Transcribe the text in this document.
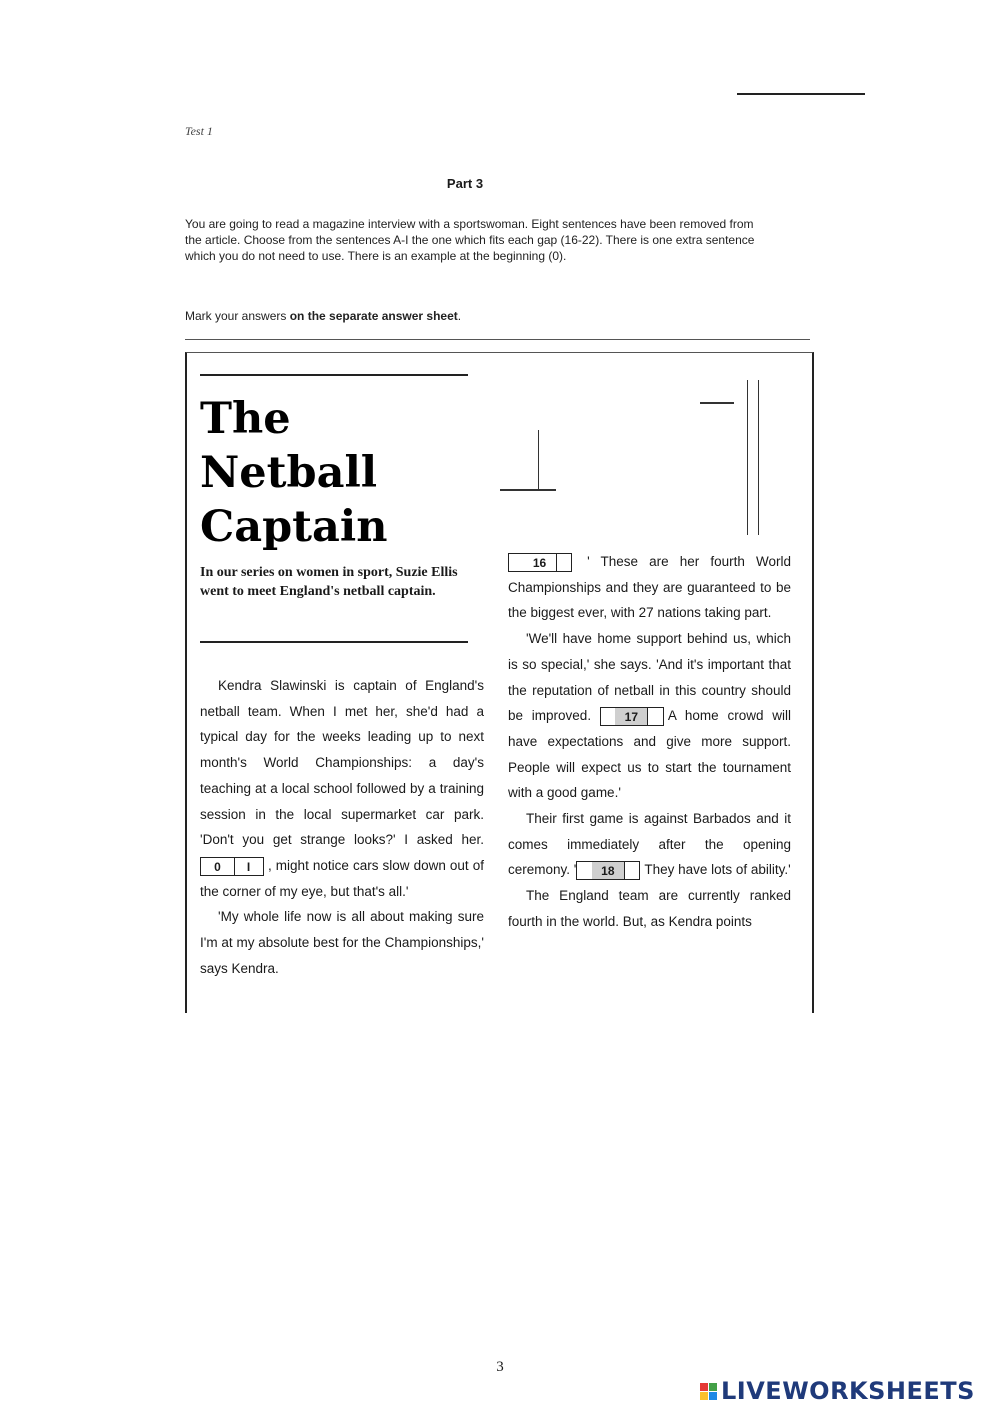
Test 1
Part 3
You are going to read a magazine interview with a sportswoman. Eight sentences have been removed from the article. Choose from the sentences A-I the one which fits each gap (16-22). There is one extra sentence which you do not need to use. There is an example at the beginning (0).
Mark your answers on the separate answer sheet.
The
Netball
Captain
In our series on women in sport, Suzie Ellis went to meet England's netball captain.

Kendra Slawinski is captain of England's netball team. When I met her, she'd had a typical day for the weeks leading up to next month's World Championships: a day's teaching at a local school followed by a training session in the local supermarket car park. 'Don't you get strange looks?' I asked her. 0 I , might notice cars slow down out of the corner of my eye, but that's all.'

'My whole life now is all about making sure I'm at my absolute best for the Championships,' says Kendra.

16	' These are her fourth World Championships and they are guaranteed to be the biggest ever, with 27 nations taking part.

'We'll have home support behind us, which is so special,' she says. 'And it's important that the reputation of netball in this country should be improved.	17 A home crowd will have expectations and give more support. People will expect us to start the tournament with a good game.'

Their first game is against Barbados and it comes immediately after the opening ceremony. ' 18 They have lots of ability.'

The England team are currently ranked fourth in the world. But, as Kendra points

3
LIVEWORKSHEETS
